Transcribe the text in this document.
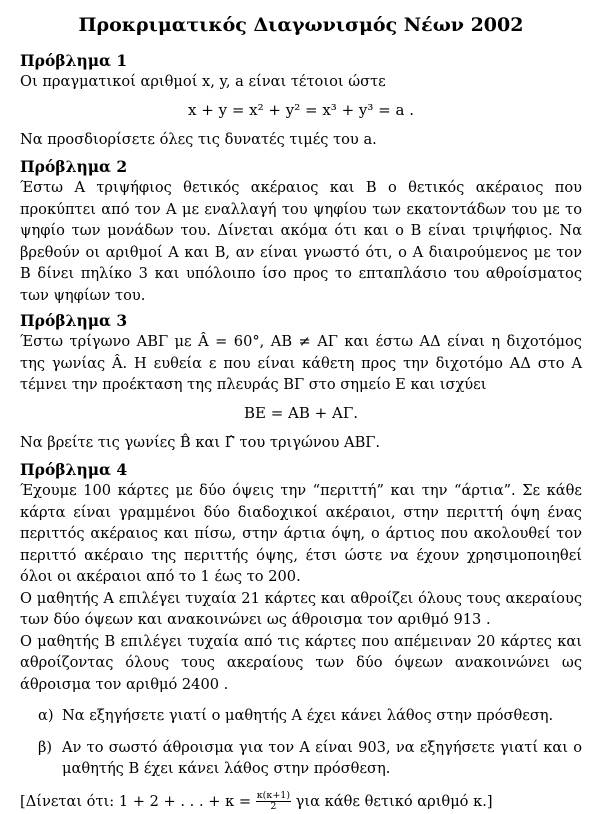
Προκριματικός Διαγωνισμός Νέων 2002
Πρόβλημα 1

Οι πραγματικοί αριθμοί x, y, a είναι τέτοιοι ώστε

x + y = x² + y² = x³ + y³ = a .

Να προσδιορίσετε όλες τις δυνατές τιμές του a.

Πρόβλημα 2

Έστω A τριψήφιος θετικός ακέραιος και B ο θετικός ακέραιος που προκύπτει από τον A με εναλλαγή του ψηφίου των εκατοντάδων του με το ψηφίο των μονάδων του. Δίνεται ακόμα ότι και ο B είναι τριψήφιος. Να βρεθούν οι αριθμοί A και B, αν είναι γνωστό ότι, ο A διαιρούμενος με τον B δίνει πηλίκο 3 και υπόλοιπο ίσο προς το επταπλάσιο του αθροίσματος των ψηφίων του.

Πρόβλημα 3

Έστω τρίγωνο ΑΒΓ με Â = 60°, ΑΒ ≠ ΑΓ και έστω ΑΔ είναι η διχοτόμος της γωνίας Â. Η ευθεία ε που είναι κάθετη προς την διχοτόμο ΑΔ στο Α τέμνει την προέκταση της πλευράς ΒΓ στο σημείο Ε και ισχύει

ΒΕ = ΑΒ + ΑΓ.

Να βρείτε τις γωνίες B̂ και Γ̂ του τριγώνου ΑΒΓ.

Πρόβλημα 4

Έχουμε 100 κάρτες με δύο όψεις την “περιττή” και την “άρτια”. Σε κάθε κάρτα είναι γραμμένοι δύο διαδοχικοί ακέραιοι, στην περιττή όψη ένας περιττός ακέραιος και πίσω, στην άρτια όψη, ο άρτιος που ακολουθεί τον περιττό ακέραιο της περιττής όψης, έτσι ώστε να έχουν χρησιμοποιηθεί όλοι οι ακέραιοι από το 1 έως το 200.

Ο μαθητής Α επιλέγει τυχαία 21 κάρτες και αθροίζει όλους τους ακεραίους των δύο όψεων και ανακοινώνει ως άθροισμα τον αριθμό 913 .

Ο μαθητής Β επιλέγει τυχαία από τις κάρτες που απέμειναν 20 κάρτες και αθροίζοντας όλους τους ακεραίους των δύο όψεων ανακοινώνει ως άθροισμα τον αριθμό 2400 .

α) Να εξηγήσετε γιατί ο μαθητής Α έχει κάνει λάθος στην πρόσθεση.
β) Αν το σωστό άθροισμα για τον Α είναι 903, να εξηγήσετε γιατί και ο μαθητής Β έχει κάνει λάθος στην πρόσθεση.
[Δίνεται ότι: 1 + 2 + . . . + $\kappa = \frac{\kappa(\kappa+1)}{2}$ για κάθε θετικό αριθμό κ.]
